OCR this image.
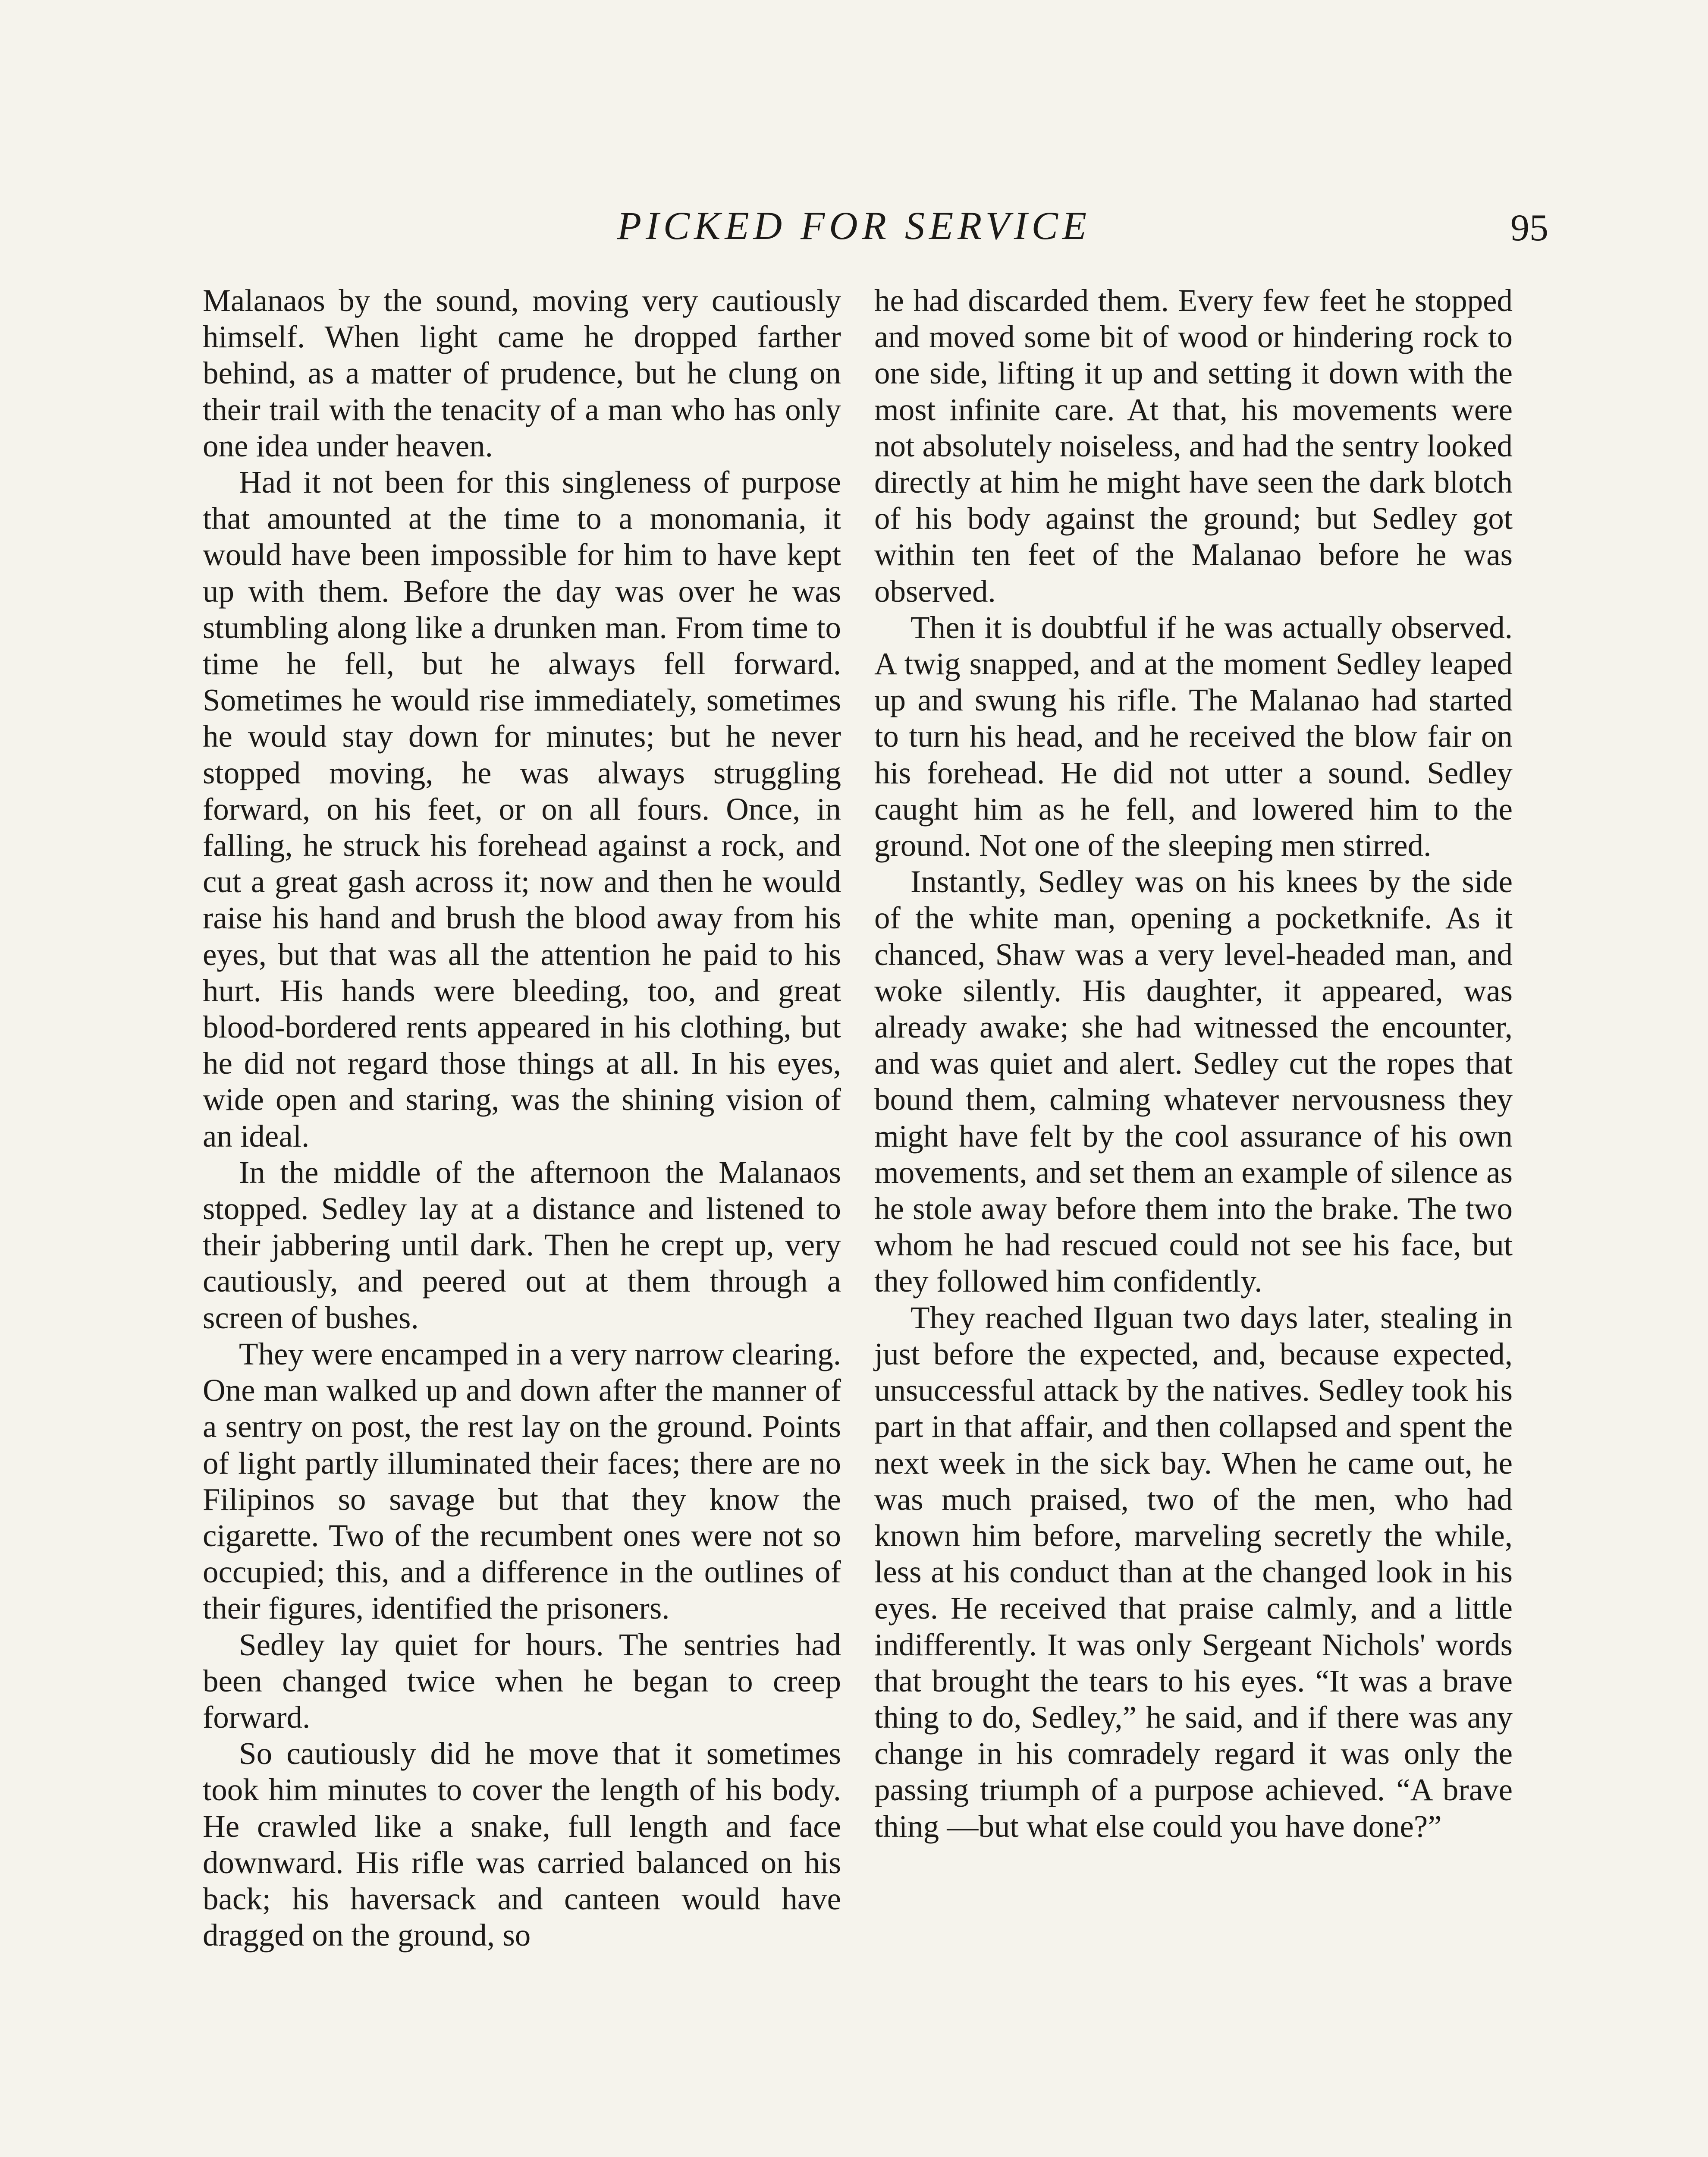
PICKED FOR SERVICE	95

Malanaos by the sound, moving very cautiously himself. When light came he dropped farther behind, as a matter of prudence, but he clung on their trail with the tenacity of a man who has only one idea under heaven.

Had it not been for this singleness of purpose that amounted at the time to a monomania, it would have been impossible for him to have kept up with them. Before the day was over he was stumbling along like a drunken man. From time to time he fell, but he always fell forward. Sometimes he would rise immediately, sometimes he would stay down for minutes; but he never stopped moving, he was always struggling forward, on his feet, or on all fours. Once, in falling, he struck his forehead against a rock, and cut a great gash across it; now and then he would raise his hand and brush the blood away from his eyes, but that was all the attention he paid to his hurt. His hands were bleeding, too, and great blood-bordered rents appeared in his clothing, but he did not regard those things at all. In his eyes, wide open and staring, was the shining vision of an ideal.

In the middle of the afternoon the Malanaos stopped. Sedley lay at a distance and listened to their jabbering until dark. Then he crept up, very cautiously, and peered out at them through a screen of bushes.

They were encamped in a very narrow clearing. One man walked up and down after the manner of a sentry on post, the rest lay on the ground. Points of light partly illuminated their faces; there are no Filipinos so savage but that they know the cigarette. Two of the recumbent ones were not so occupied; this, and a difference in the outlines of their figures, identified the prisoners.

Sedley lay quiet for hours. The sentries had been changed twice when he began to creep forward.

So cautiously did he move that it sometimes took him minutes to cover the length of his body. He crawled like a snake, full length and face downward. His rifle was carried balanced on his back; his haversack and canteen would have dragged on the ground, so

he had discarded them. Every few feet he stopped and moved some bit of wood or hindering rock to one side, lifting it up and setting it down with the most infinite care. At that, his movements were not absolutely noiseless, and had the sentry looked directly at him he might have seen the dark blotch of his body against the ground; but Sedley got within ten feet of the Malanao before he was observed.

Then it is doubtful if he was actually observed. A twig snapped, and at the moment Sedley leaped up and swung his rifle. The Malanao had started to turn his head, and he received the blow fair on his forehead. He did not utter a sound. Sedley caught him as he fell, and lowered him to the ground. Not one of the sleeping men stirred.

Instantly, Sedley was on his knees by the side of the white man, opening a pocketknife. As it chanced, Shaw was a very level-headed man, and woke silently. His daughter, it appeared, was already awake; she had witnessed the encounter, and was quiet and alert. Sedley cut the ropes that bound them, calming whatever nervousness they might have felt by the cool assurance of his own movements, and set them an example of silence as he stole away before them into the brake. The two whom he had rescued could not see his face, but they followed him confidently.

They reached Ilguan two days later, stealing in just before the expected, and, because expected, unsuccessful attack by the natives. Sedley took his part in that affair, and then collapsed and spent the next week in the sick bay. When he came out, he was much praised, two of the men, who had known him before, marveling secretly the while, less at his conduct than at the changed look in his eyes. He received that praise calmly, and a little indifferently. It was only Sergeant Nichols' words that brought the tears to his eyes. “It was a brave thing to do, Sedley,” he said, and if there was any change in his comradely regard it was only the passing triumph of a purpose achieved. “A brave thing —but what else could you have done?”
